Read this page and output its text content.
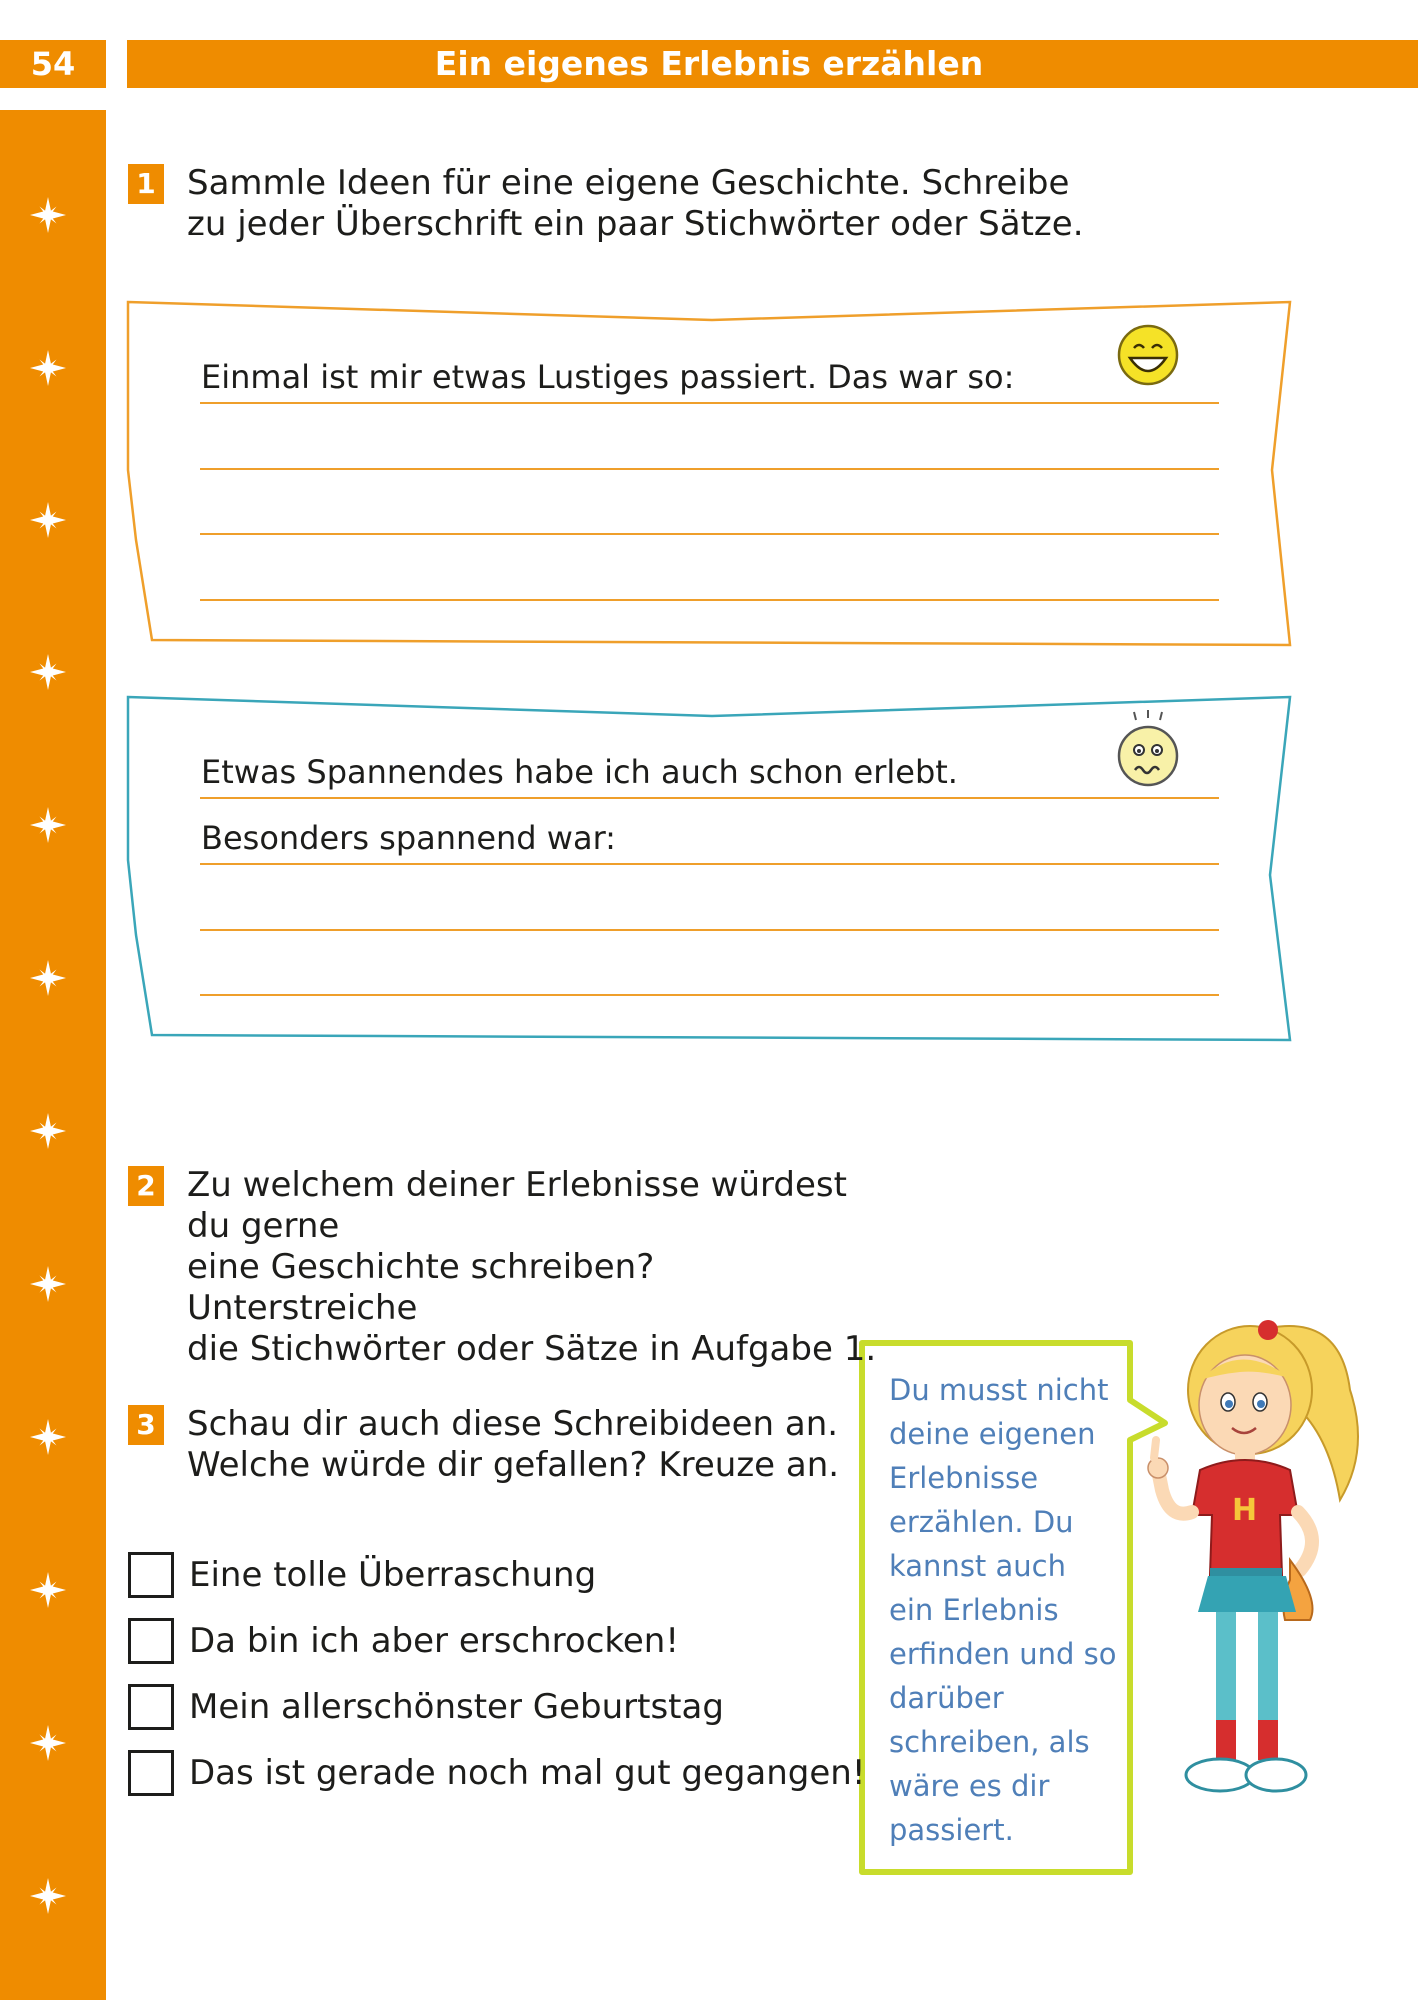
54	Ein eigenes Erlebnis erzählen
1 Sammle Ideen für eine eigene Geschichte. Schreibe
zu jeder Überschrift ein paar Stichwörter oder Sätze.
Einmal ist mir etwas Lustiges passiert. Das war so:
Etwas Spannendes habe ich auch schon erlebt.
Besonders spannend war:
2 Zu welchem deiner Erlebnisse würdest du gerne
eine Geschichte schreiben? Unterstreiche
die Stichwörter oder Sätze in Aufgabe 1.
3 Schau dir auch diese Schreibideen an.
Welche würde dir gefallen? Kreuze an.
Eine tolle Überraschung
Da bin ich aber erschrocken!
Mein allerschönster Geburtstag
Das ist gerade noch mal gut gegangen!
Du musst nicht
deine eigenen
Erlebnisse
erzählen. Du
kannst auch
ein Erlebnis
erfinden und so
darüber
schreiben, als
wäre es dir
passiert.
H
